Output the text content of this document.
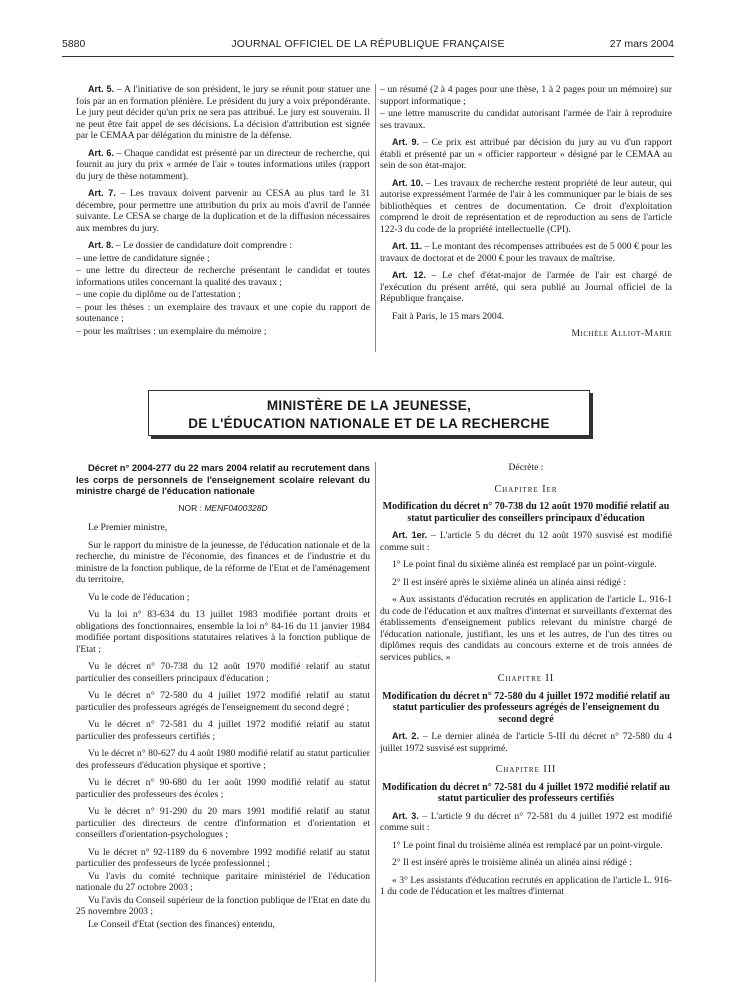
5880	JOURNAL OFFICIEL DE LA RÉPUBLIQUE FRANÇAISE	27 mars 2004

Art. 5. – A l'initiative de son président, le jury se réunit pour statuer une fois par an en formation plénière. Le président du jury a voix prépondérante. Le jury peut décider qu'un prix ne sera pas attribué. Le jury est souverain. Il ne peut être fait appel de ses décisions. La décision d'attribution est signée par le CEMAA par délégation du ministre de la défense.

Art. 6. – Chaque candidat est présenté par un directeur de recherche, qui fournit au jury du prix « armée de l'air » toutes informations utiles (rapport du jury de thèse notamment).

Art. 7. – Les travaux doivent parvenir au CESA au plus tard le 31 décembre, pour permettre une attribution du prix au mois d'avril de l'année suivante. Le CESA se charge de la duplication et de la diffusion nécessaires aux membres du jury.

Art. 8. – Le dossier de candidature doit comprendre :

– une lettre de candidature signée ;

– une lettre du directeur de recherche présentant le candidat et toutes informations utiles concernant la qualité des travaux ;

– une copie du diplôme ou de l'attestation ;

– pour les thèses : un exemplaire des travaux et une copie du rapport de soutenance ;

– pour les maîtrises : un exemplaire du mémoire ;

– un résumé (2 à 4 pages pour une thèse, 1 à 2 pages pour un mémoire) sur support informatique ;

– une lettre manuscrite du candidat autorisant l'armée de l'air à reproduire ses travaux.

Art. 9. – Ce prix est attribué par décision du jury au vu d'un rapport établi et présenté par un « officier rapporteur » désigné par le CEMAA au sein de son état-major.

Art. 10. – Les travaux de recherche restent propriété de leur auteur, qui autorise expressément l'armée de l'air à les communiquer par le biais de ses bibliothèques et centres de documentation. Ce droit d'exploitation comprend le droit de représentation et de reproduction au sens de l'article 122-3 du code de la propriété intellectuelle (CPI).

Art. 11. – Le montant des récompenses attribuées est de 5 000 € pour les travaux de doctorat et de 2000 € pour les travaux de maîtrise.

Art. 12. – Le chef d'état-major de l'armée de l'air est chargé de l'exécution du présent arrêté, qui sera publié au Journal officiel de la République française.

Fait à Paris, le 15 mars 2004.

Michèle Alliot-Marie
MINISTÈRE DE LA JEUNESSE,
DE L'ÉDUCATION NATIONALE ET DE LA RECHERCHE
Décret n° 2004-277 du 22 mars 2004 relatif au recrutement dans les corps de personnels de l'enseignement scolaire relevant du ministre chargé de l'éducation nationale
NOR : MENF0400328D

Le Premier ministre,

Sur le rapport du ministre de la jeunesse, de l'éducation nationale et de la recherche, du ministre de l'économie, des finances et de l'industrie et du ministre de la fonction publique, de la réforme de l'Etat et de l'aménagement du territoire,

Vu le code de l'éducation ;

Vu la loi n° 83-634 du 13 juillet 1983 modifiée portant droits et obligations des fonctionnaires, ensemble la loi n° 84-16 du 11 janvier 1984 modifiée portant dispositions statutaires relatives à la fonction publique de l'Etat ;

Vu le décret n° 70-738 du 12 août 1970 modifié relatif au statut particulier des conseillers principaux d'éducation ;

Vu le décret n° 72-580 du 4 juillet 1972 modifié relatif au statut particulier des professeurs agrégés de l'enseignement du second degré ;

Vu le décret n° 72-581 du 4 juillet 1972 modifié relatif au statut particulier des professeurs certifiés ;

Vu le décret n° 80-627 du 4 août 1980 modifié relatif au statut particulier des professeurs d'éducation physique et sportive ;

Vu le décret n° 90-680 du 1er août 1990 modifié relatif au statut particulier des professeurs des écoles ;

Vu le décret n° 91-290 du 20 mars 1991 modifié relatif au statut particulier des directeurs de centre d'information et d'orientation et conseillers d'orientation-psychologues ;

Vu le décret n° 92-1189 du 6 novembre 1992 modifié relatif au statut particulier des professeurs de lycée professionnel ;

Vu l'avis du comité technique paritaire ministériel de l'éducation nationale du 27 octobre 2003 ;

Vu l'avis du Conseil supérieur de la fonction publique de l'Etat en date du 25 novembre 2003 ;

Le Conseil d'Etat (section des finances) entendu,

Décrète :

Chapitre Ier
Modification du décret n° 70-738 du 12 août 1970 modifié relatif au statut particulier des conseillers principaux d'éducation

Art. 1er. – L'article 5 du décret du 12 août 1970 susvisé est modifié comme suit :

1° Le point final du sixième alinéa est remplacé par un point-virgule.

2° Il est inséré après le sixième alinéa un alinéa ainsi rédigé :

« Aux assistants d'éducation recrutés en application de l'article L. 916-1 du code de l'éducation et aux maîtres d'internat et surveillants d'externat des établissements d'enseignement publics relevant du ministre chargé de l'éducation nationale, justifiant, les uns et les autres, de l'un des titres ou diplômes requis des candidats au concours externe et de trois années de services publics. »

Chapitre II
Modification du décret n° 72-580 du 4 juillet 1972 modifié relatif au statut particulier des professeurs agrégés de l'enseignement du second degré

Art. 2. – Le dernier alinéa de l'article 5-III du décret n° 72-580 du 4 juillet 1972 susvisé est supprimé.

Chapitre III
Modification du décret n° 72-581 du 4 juillet 1972 modifié relatif au statut particulier des professeurs certifiés

Art. 3. – L'article 9 du décret n° 72-581 du 4 juillet 1972 est modifié comme suit :

1° Le point final du troisième alinéa est remplacé par un point-virgule.

2° Il est inséré après le troisième alinéa un alinéa ainsi rédigé :

« 3° Les assistants d'éducation recrutés en application de l'article L. 916-1 du code de l'éducation et les maîtres d'internat
